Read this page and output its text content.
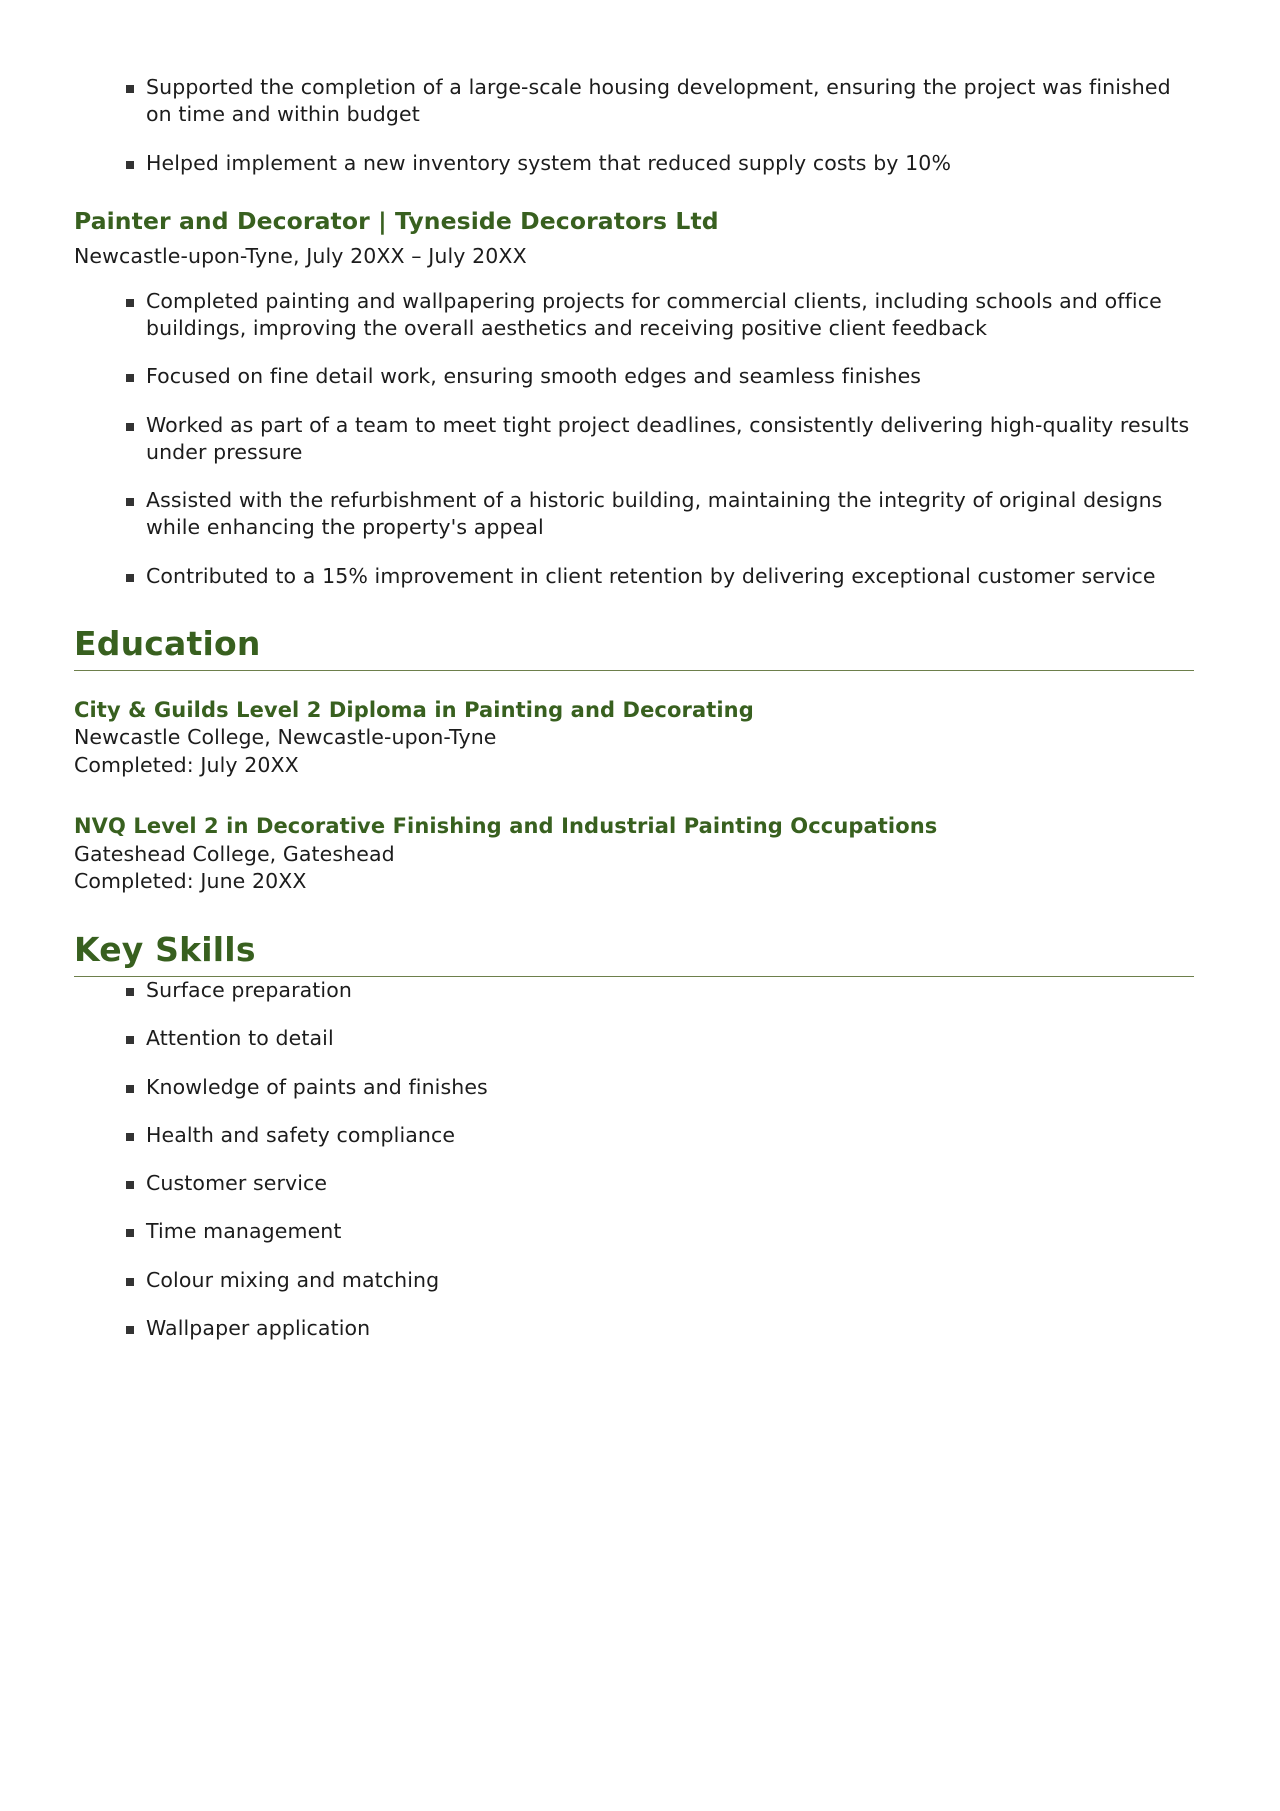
Supported the completion of a large-scale housing development, ensuring the project was finished on time and within budget
Helped implement a new inventory system that reduced supply costs by 10%
Painter and Decorator | Tyneside Decorators Ltd
Newcastle-upon-Tyne, July 20XX – July 20XX
Completed painting and wallpapering projects for commercial clients, including schools and office buildings, improving the overall aesthetics and receiving positive client feedback
Focused on fine detail work, ensuring smooth edges and seamless finishes
Worked as part of a team to meet tight project deadlines, consistently delivering high-quality results under pressure
Assisted with the refurbishment of a historic building, maintaining the integrity of original designs while enhancing the property's appeal
Contributed to a 15% improvement in client retention by delivering exceptional customer service
Education
City & Guilds Level 2 Diploma in Painting and Decorating
Newcastle College, Newcastle-upon-Tyne
Completed: July 20XX
NVQ Level 2 in Decorative Finishing and Industrial Painting Occupations
Gateshead College, Gateshead
Completed: June 20XX
Key Skills
Surface preparation
Attention to detail
Knowledge of paints and finishes
Health and safety compliance
Customer service
Time management
Colour mixing and matching
Wallpaper application
